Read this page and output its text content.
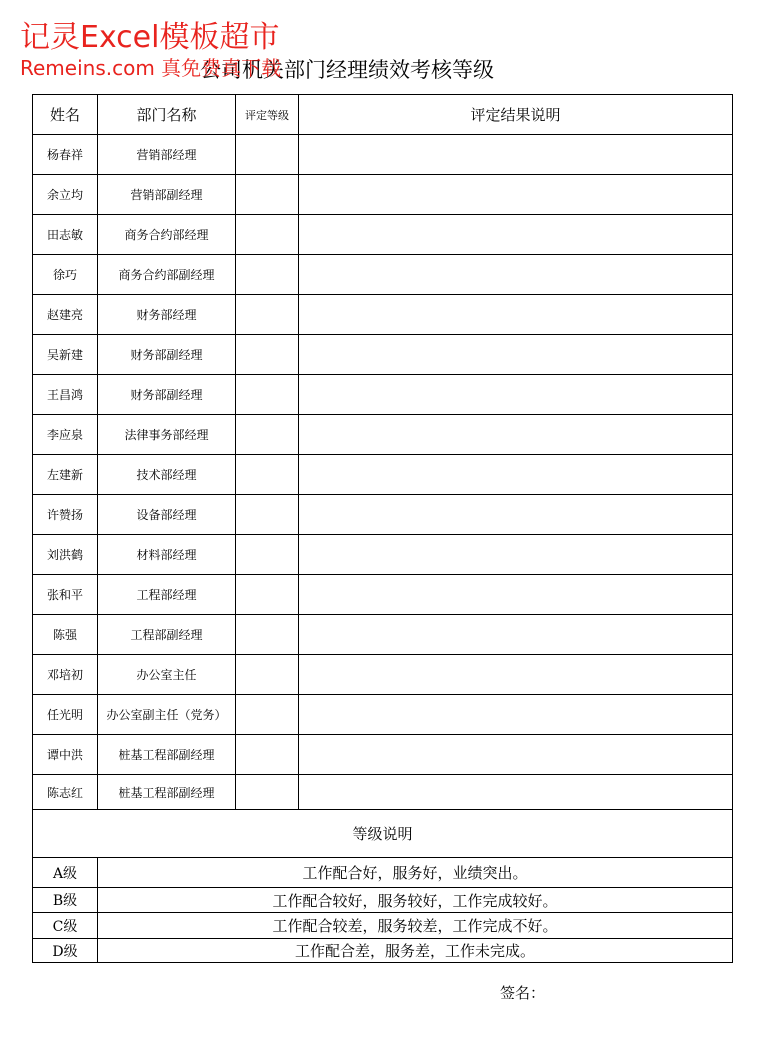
记灵Excel模板超市
Remeins.com 真免费真下载
公司机关部门经理绩效考核等级
姓名	部门名称	评定等级	评定结果说明
杨春祥	营销部经理		
余立均	营销部副经理		
田志敏	商务合约部经理		
徐巧	商务合约部副经理		
赵建亮	财务部经理		
吴新建	财务部副经理		
王昌鸿	财务部副经理		
李应泉	法律事务部经理		
左建新	技术部经理		
许赞扬	设备部经理		
刘洪鹤	材料部经理		
张和平	工程部经理		
陈强	工程部副经理		
邓培初	办公室主任		
任光明	办公室副主任（党务）		
谭中洪	桩基工程部副经理		
陈志红	桩基工程部副经理		
等级说明			
A级	工作配合好，服务好，业绩突出。		
B级	工作配合较好，服务较好，工作完成较好。		
C级	工作配合较差，服务较差，工作完成不好。		
D级	工作配合差，服务差，工作未完成。		
签名：
